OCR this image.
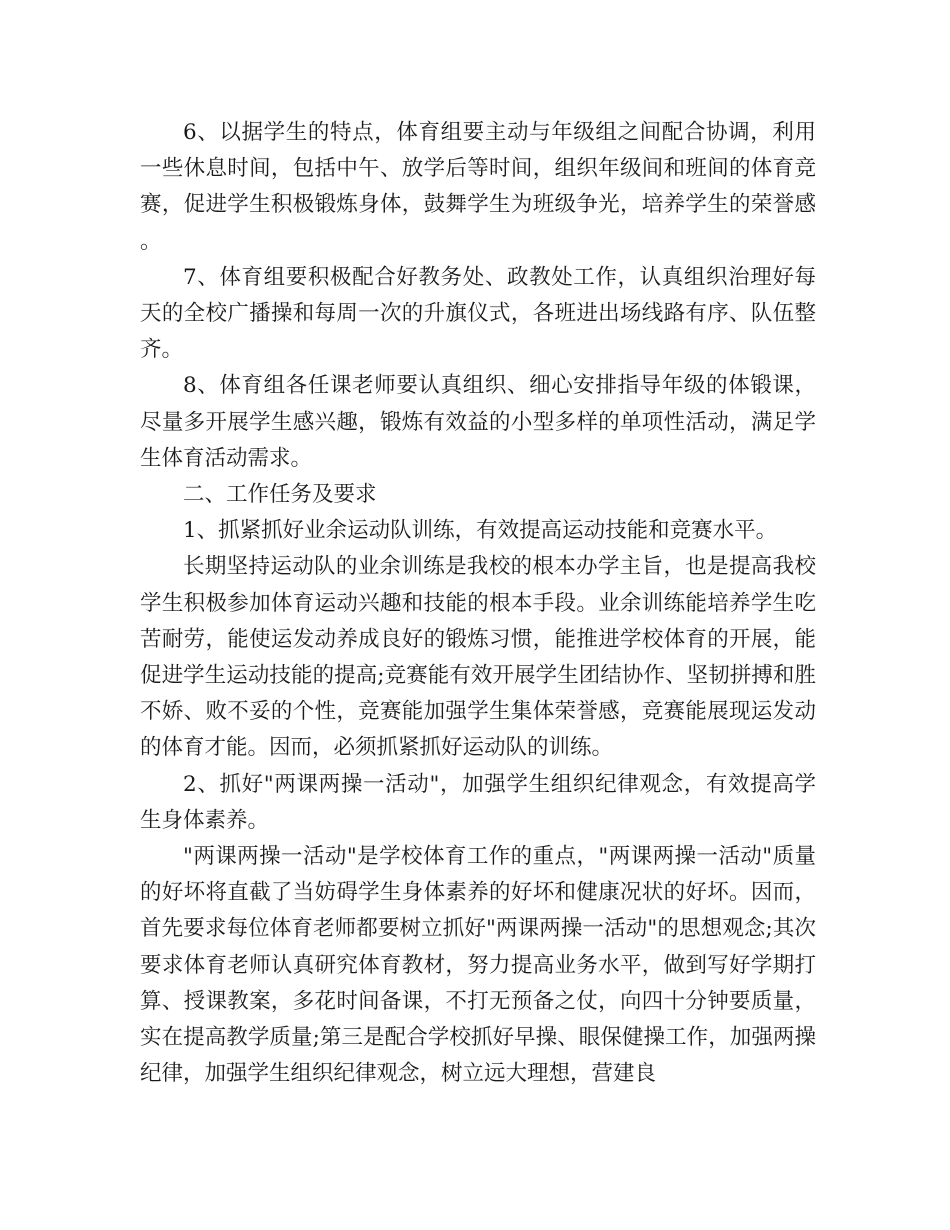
6、以据学生的特点，体育组要主动与年级组之间配合协调，利用一些休息时间，包括中午、放学后等时间，组织年级间和班间的体育竞赛，促进学生积极锻炼身体，鼓舞学生为班级争光，培养学生的荣誉感。

7、体育组要积极配合好教务处、政教处工作，认真组织治理好每天的全校广播操和每周一次的升旗仪式，各班进出场线路有序、队伍整齐。

8、体育组各任课老师要认真组织、细心安排指导年级的体锻课，尽量多开展学生感兴趣，锻炼有效益的小型多样的单项性活动，满足学生体育活动需求。

二、工作任务及要求

1、抓紧抓好业余运动队训练，有效提高运动技能和竞赛水平。

长期坚持运动队的业余训练是我校的根本办学主旨，也是提高我校学生积极参加体育运动兴趣和技能的根本手段。业余训练能培养学生吃苦耐劳，能使运发动养成良好的锻炼习惯，能推进学校体育的开展，能促进学生运动技能的提高;竞赛能有效开展学生团结协作、坚韧拼搏和胜不娇、败不妥的个性，竞赛能加强学生集体荣誉感，竞赛能展现运发动的体育才能。因而，必须抓紧抓好运动队的训练。

2、抓好"两课两操一活动"，加强学生组织纪律观念，有效提高学生身体素养。

"两课两操一活动"是学校体育工作的重点，"两课两操一活动"质量的好坏将直截了当妨碍学生身体素养的好坏和健康况状的好坏。因而，首先要求每位体育老师都要树立抓好"两课两操一活动"的思想观念;其次要求体育老师认真研究体育教材，努力提高业务水平，做到写好学期打算、授课教案，多花时间备课，不打无预备之仗，向四十分钟要质量，实在提高教学质量;第三是配合学校抓好早操、眼保健操工作，加强两操纪律，加强学生组织纪律观念，树立远大理想，营建良
